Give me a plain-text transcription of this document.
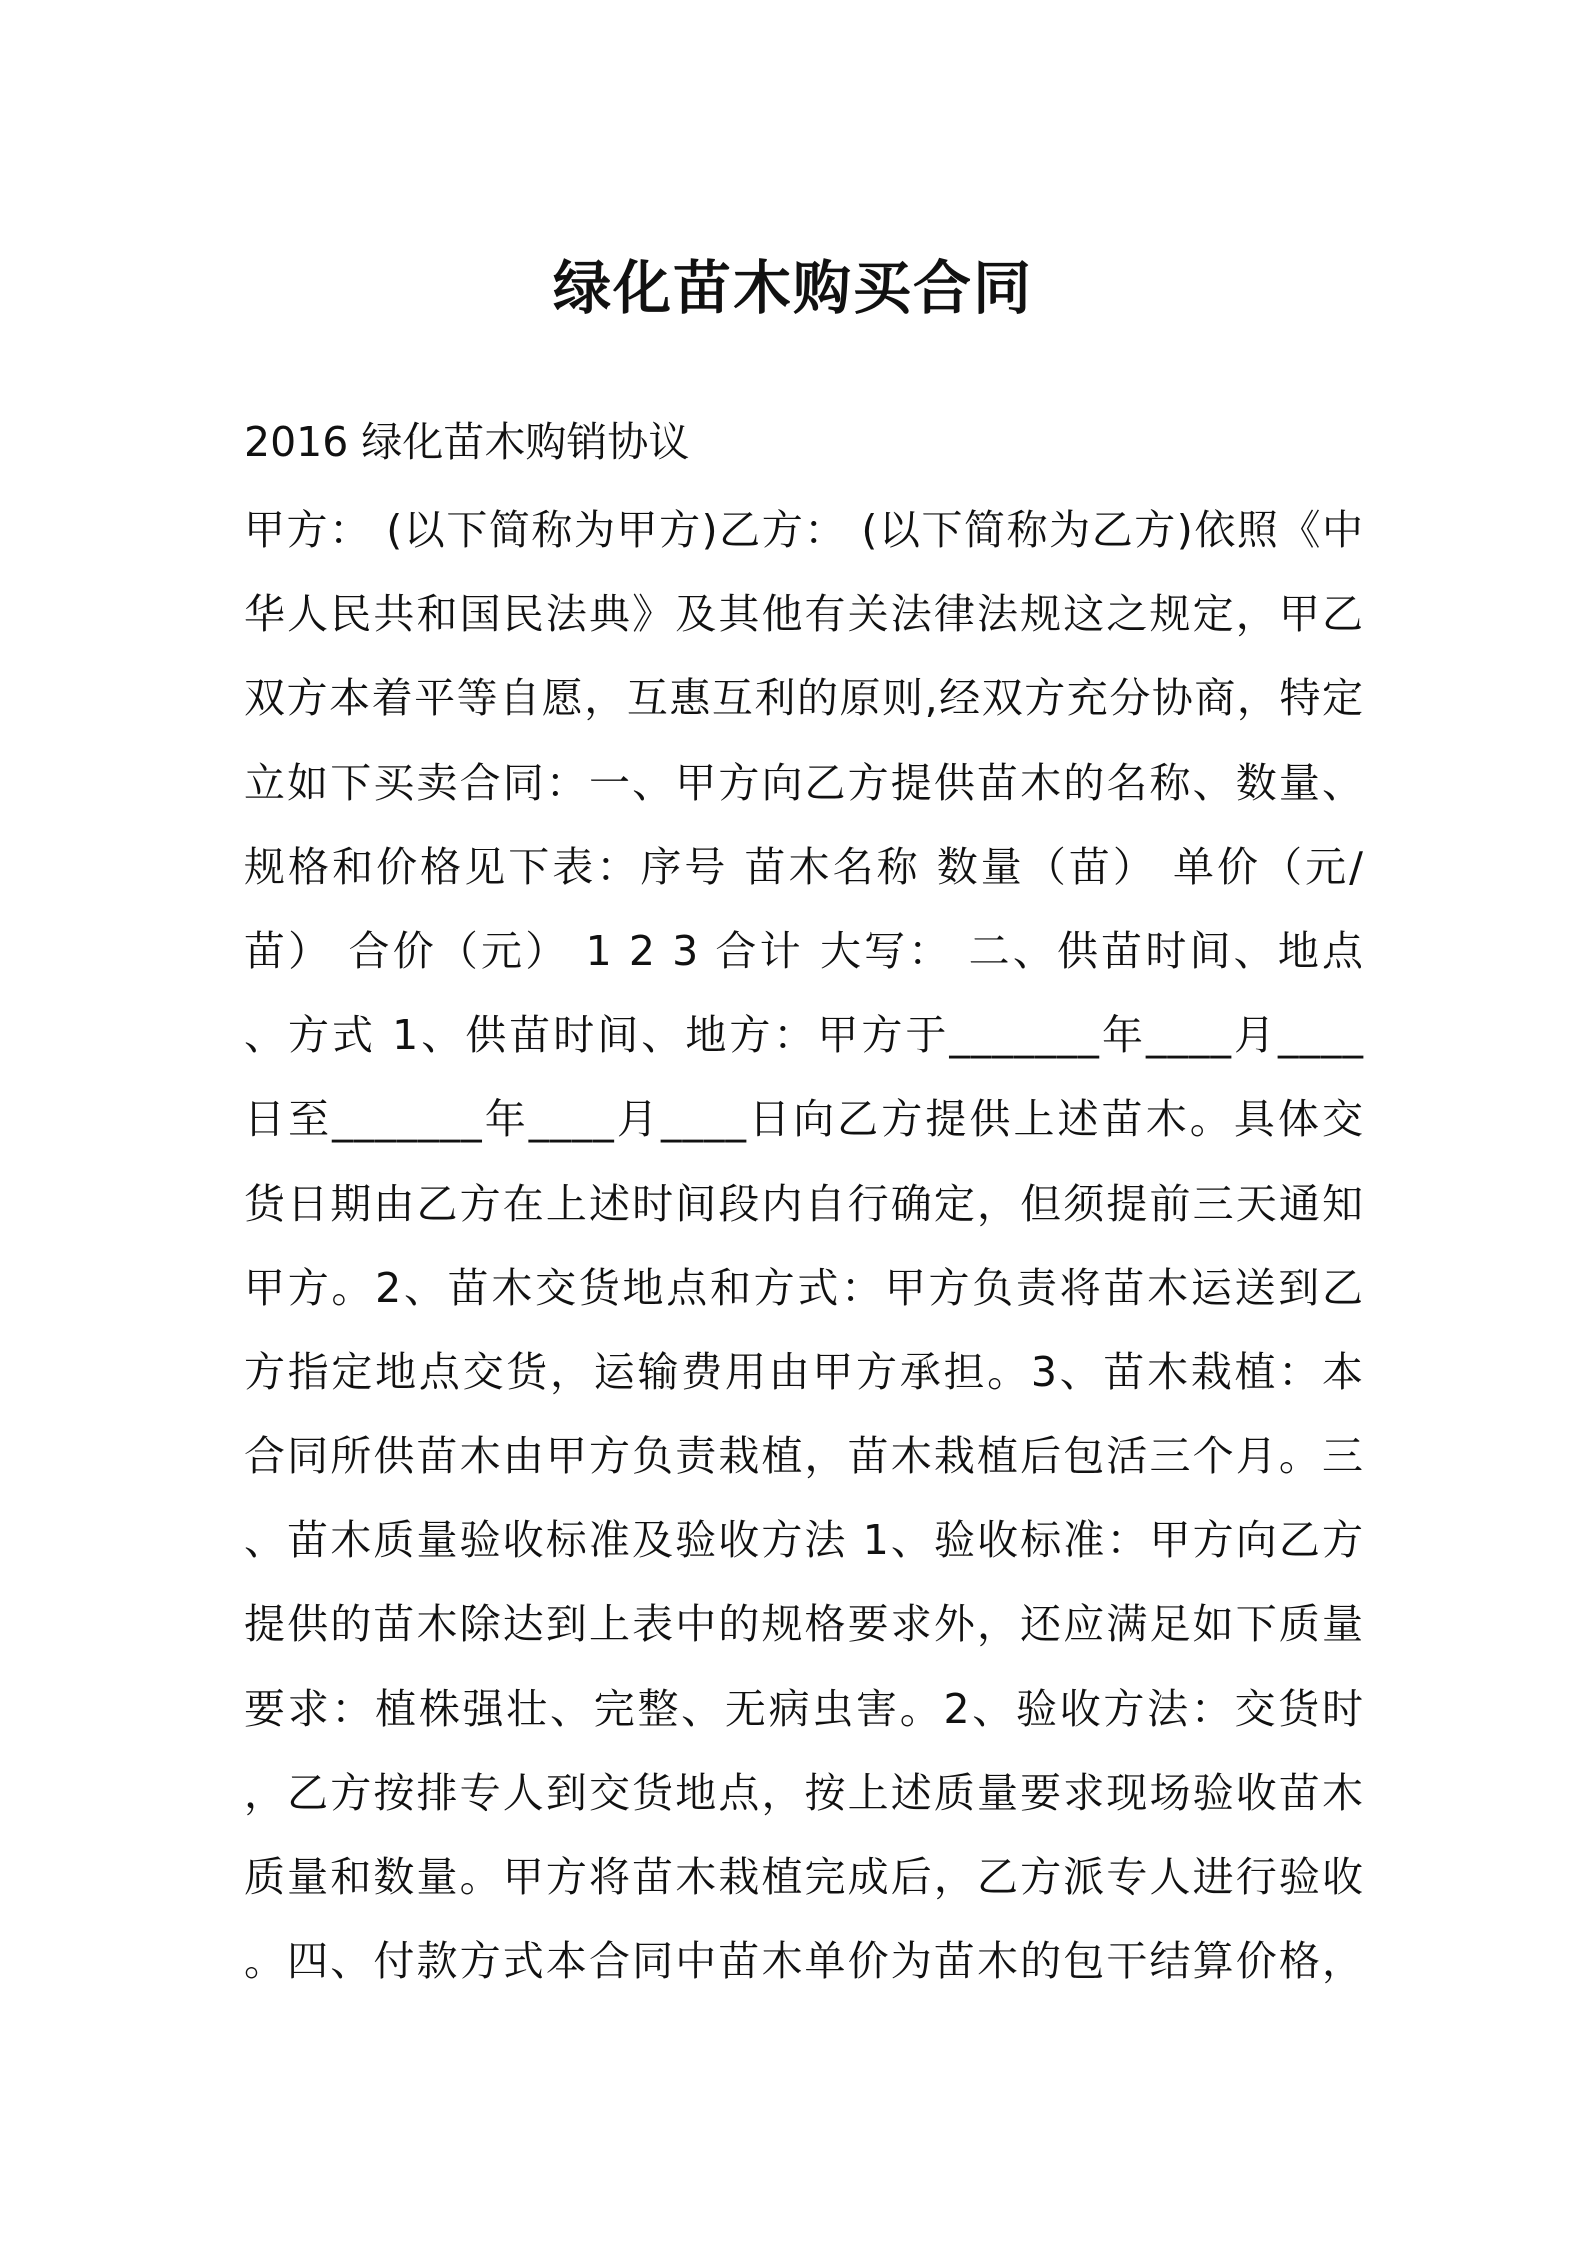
绿化苗木购买合同

2016 绿化苗木购销协议

甲方： (以下简称为甲方)乙方： (以下简称为乙方)依照《中
华人民共和国民法典》及其他有关法律法规这之规定，甲乙
双方本着平等自愿，互惠互利的原则,经双方充分协商，特定
立如下买卖合同：一、甲方向乙方提供苗木的名称、数量、
规格和价格见下表：序号 苗木名称 数量（苗） 单价（元/
苗） 合价（元） 1 2 3 合计 大写： 二、供苗时间、地点
、方式 1、供苗时间、地方：甲方于_______年____月____
日至_______年____月____日向乙方提供上述苗木。具体交
货日期由乙方在上述时间段内自行确定，但须提前三天通知
甲方。2、苗木交货地点和方式：甲方负责将苗木运送到乙
方指定地点交货，运输费用由甲方承担。3、苗木栽植：本
合同所供苗木由甲方负责栽植，苗木栽植后包活三个月。三
、苗木质量验收标准及验收方法 1、验收标准：甲方向乙方
提供的苗木除达到上表中的规格要求外，还应满足如下质量
要求：植株强壮、完整、无病虫害。2、验收方法：交货时
，乙方按排专人到交货地点，按上述质量要求现场验收苗木
质量和数量。甲方将苗木栽植完成后，乙方派专人进行验收
。四、付款方式本合同中苗木单价为苗木的包干结算价格，
